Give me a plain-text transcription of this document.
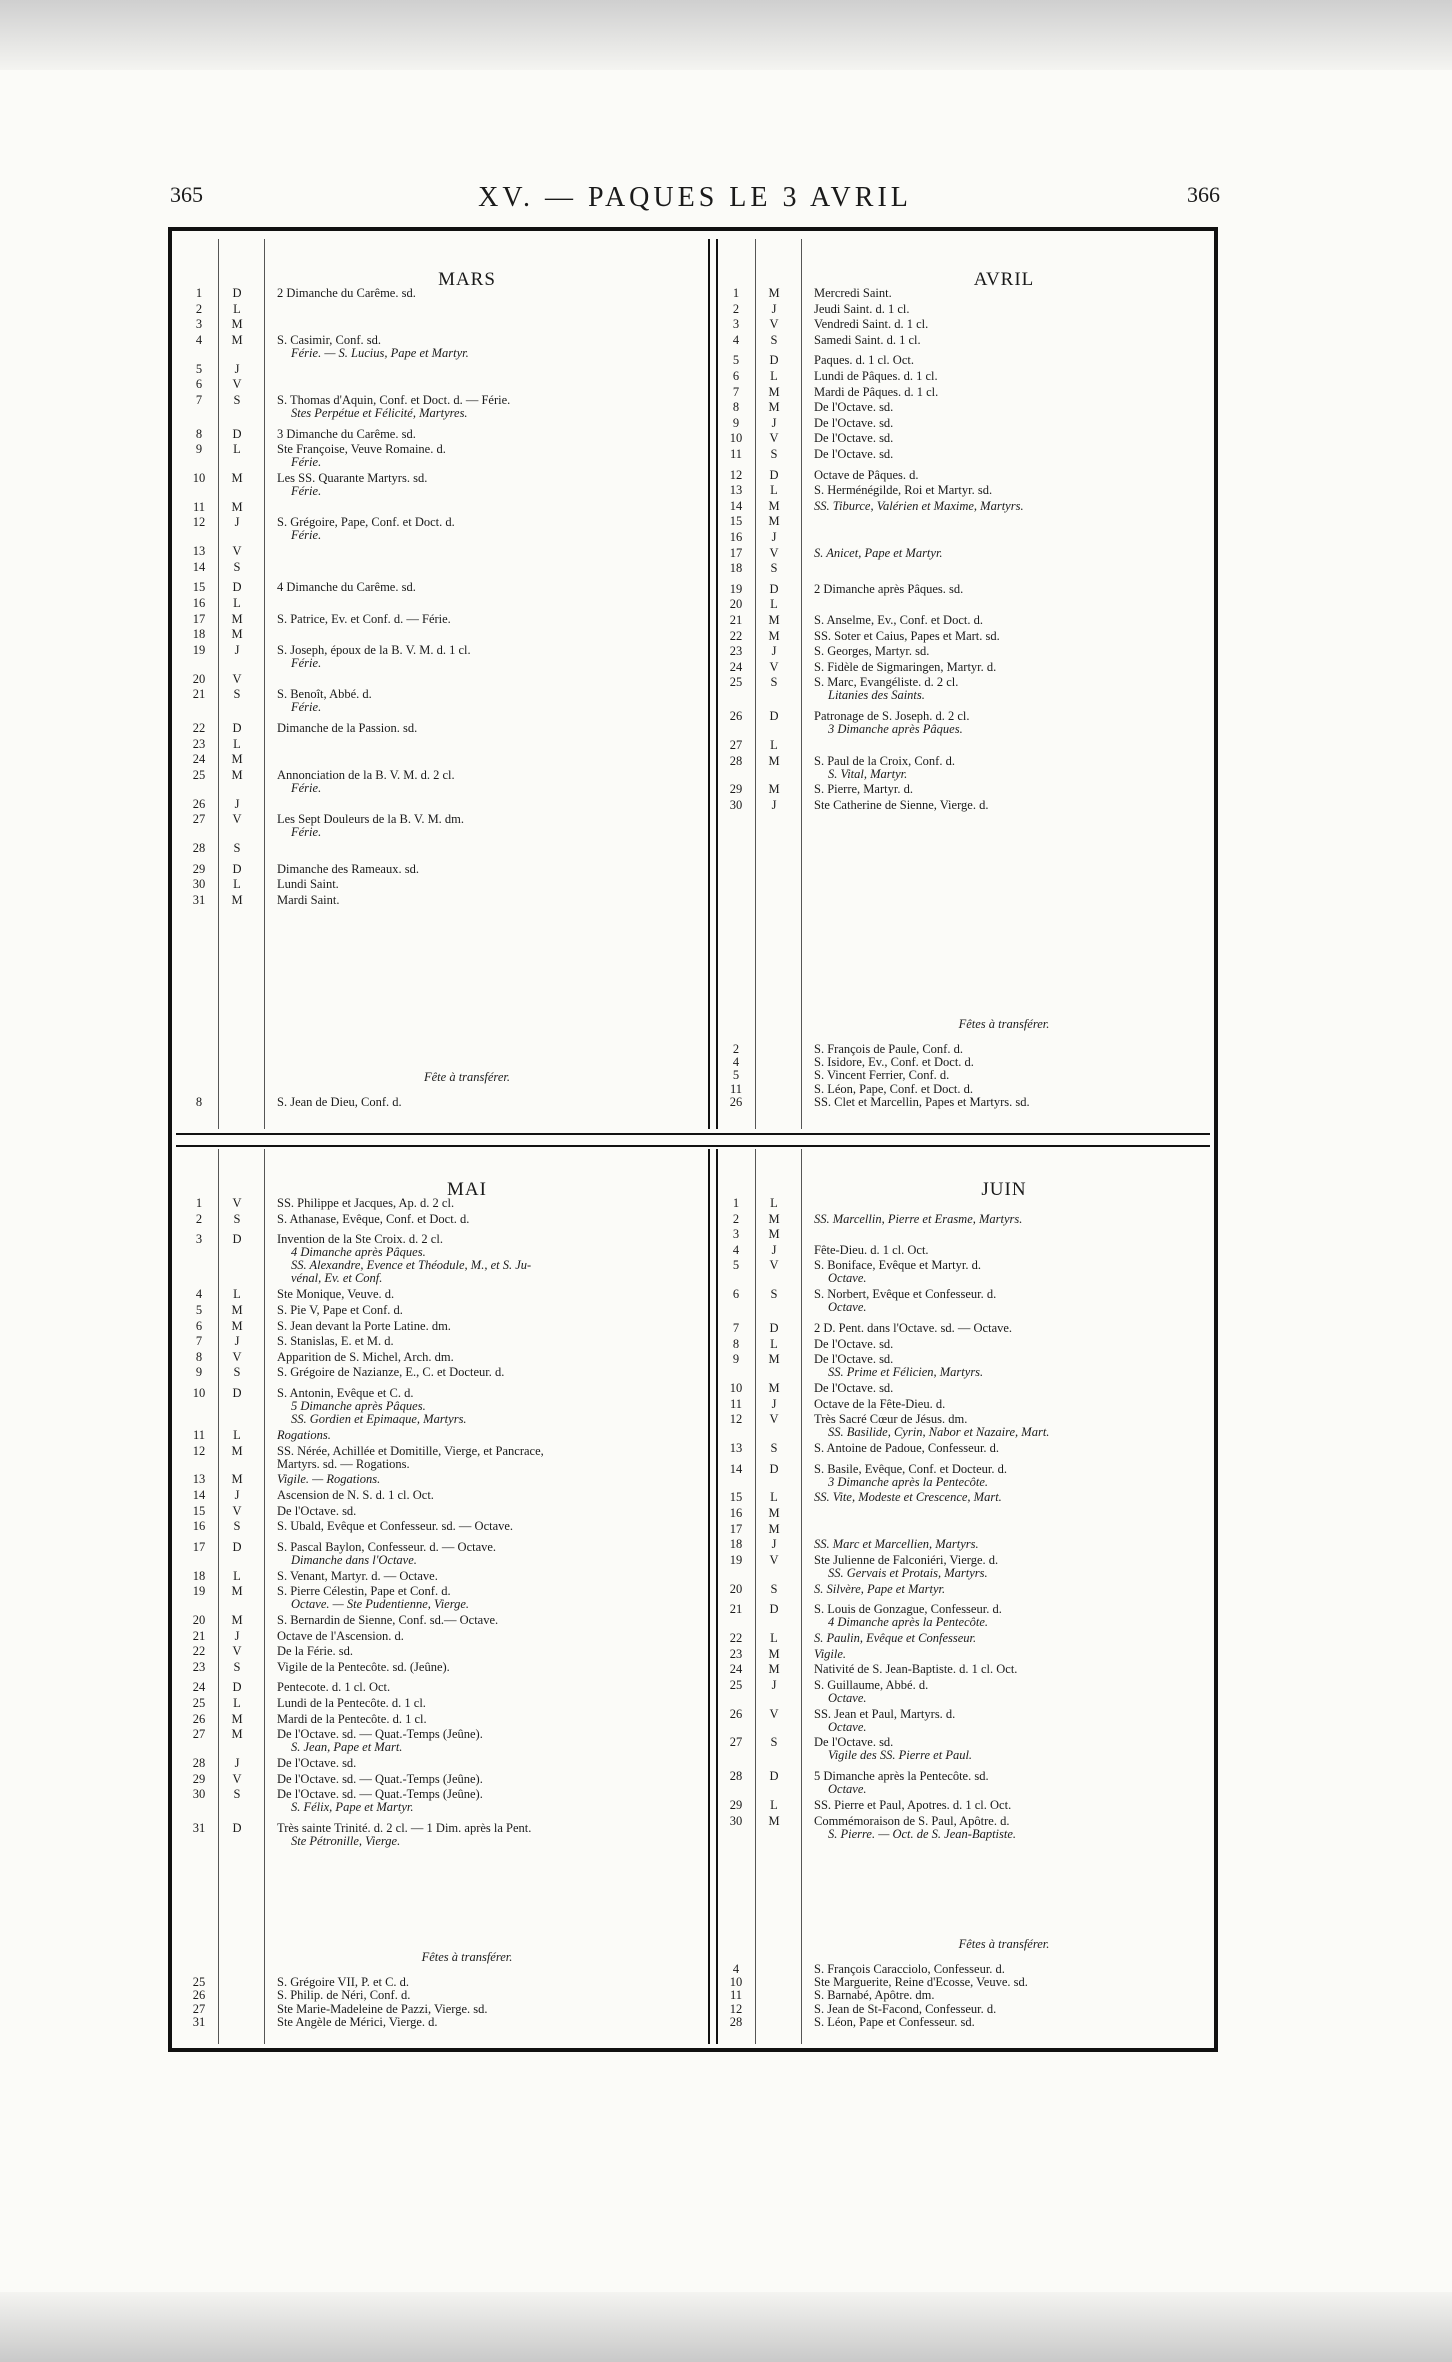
365	XV. — PAQUES LE 3 AVRIL	366
MARS
1	D	2 Dimanche du Carême. sd.
2	L
3	M
4	M	S. Casimir, Conf. sd.
Férie. — S. Lucius, Pape et Martyr.
5	J
6	V
7	S	S. Thomas d'Aquin, Conf. et Doct. d. — Férie.
Stes Perpétue et Félicité, Martyres.
8	D	3 Dimanche du Carême. sd.
9	L	Ste Françoise, Veuve Romaine. d.
Férie.
10	M	Les SS. Quarante Martyrs. sd.
Férie.
11	M
12	J	S. Grégoire, Pape, Conf. et Doct. d.
Férie.
13	V
14	S
15	D	4 Dimanche du Carême. sd.
16	L
17	M	S. Patrice, Ev. et Conf. d. — Férie.
18	M
19	J	S. Joseph, époux de la B. V. M. d. 1 cl.
Férie.
20	V
21	S	S. Benoît, Abbé. d.
Férie.
22	D	Dimanche de la Passion. sd.
23	L
24	M
25	M	Annonciation de la B. V. M. d. 2 cl.
Férie.
26	J
27	V	Les Sept Douleurs de la B. V. M. dm.
Férie.
28	S
29	D	Dimanche des Rameaux. sd.
30	L	Lundi Saint.
31	M	Mardi Saint.
Fête à transférer.
8	S. Jean de Dieu, Conf. d.
AVRIL
1	M	Mercredi Saint.
2	J	Jeudi Saint. d. 1 cl.
3	V	Vendredi Saint. d. 1 cl.
4	S	Samedi Saint. d. 1 cl.
5	D	Paques. d. 1 cl. Oct.
6	L	Lundi de Pâques. d. 1 cl.
7	M	Mardi de Pâques. d. 1 cl.
8	M	De l'Octave. sd.
9	J	De l'Octave. sd.
10	V	De l'Octave. sd.
11	S	De l'Octave. sd.
12	D	Octave de Pâques. d.
13	L	S. Herménégilde, Roi et Martyr. sd.
14	M	SS. Tiburce, Valérien et Maxime, Martyrs.
15	M
16	J
17	V	S. Anicet, Pape et Martyr.
18	S
19	D	2 Dimanche après Pâques. sd.
20	L
21	M	S. Anselme, Ev., Conf. et Doct. d.
22	M	SS. Soter et Caius, Papes et Mart. sd.
23	J	S. Georges, Martyr. sd.
24	V	S. Fidèle de Sigmaringen, Martyr. d.
25	S	S. Marc, Evangéliste. d. 2 cl.
Litanies des Saints.
26	D	Patronage de S. Joseph. d. 2 cl.
3 Dimanche après Pâques.
27	L
28	M	S. Paul de la Croix, Conf. d.
S. Vital, Martyr.
29	M	S. Pierre, Martyr. d.
30	J	Ste Catherine de Sienne, Vierge. d.
Fêtes à transférer.
2	S. François de Paule, Conf. d.
4	S. Isidore, Ev., Conf. et Doct. d.
5	S. Vincent Ferrier, Conf. d.
11	S. Léon, Pape, Conf. et Doct. d.
26	SS. Clet et Marcellin, Papes et Martyrs. sd.
MAI
1	V	SS. Philippe et Jacques, Ap. d. 2 cl.
2	S	S. Athanase, Evêque, Conf. et Doct. d.
3	D	Invention de la Ste Croix. d. 2 cl.
4 Dimanche après Pâques.
SS. Alexandre, Evence et Théodule, M., et S. Ju-
vénal, Ev. et Conf.
4	L	Ste Monique, Veuve. d.
5	M	S. Pie V, Pape et Conf. d.
6	M	S. Jean devant la Porte Latine. dm.
7	J	S. Stanislas, E. et M. d.
8	V	Apparition de S. Michel, Arch. dm.
9	S	S. Grégoire de Nazianze, E., C. et Docteur. d.
10	D	S. Antonin, Evêque et C. d.
5 Dimanche après Pâques.
SS. Gordien et Epimaque, Martyrs.
11	L	Rogations.
12	M	SS. Nérée, Achillée et Domitille, Vierge, et Pancrace,
Martyrs. sd. — Rogations.
13	M	Vigile. — Rogations.
14	J	Ascension de N. S. d. 1 cl. Oct.
15	V	De l'Octave. sd.
16	S	S. Ubald, Evêque et Confesseur. sd. — Octave.
17	D	S. Pascal Baylon, Confesseur. d. — Octave.
Dimanche dans l'Octave.
18	L	S. Venant, Martyr. d. — Octave.
19	M	S. Pierre Célestin, Pape et Conf. d.
Octave. — Ste Pudentienne, Vierge.
20	M	S. Bernardin de Sienne, Conf. sd.— Octave.
21	J	Octave de l'Ascension. d.
22	V	De la Férie. sd.
23	S	Vigile de la Pentecôte. sd. (Jeûne).
24	D	Pentecote. d. 1 cl. Oct.
25	L	Lundi de la Pentecôte. d. 1 cl.
26	M	Mardi de la Pentecôte. d. 1 cl.
27	M	De l'Octave. sd. — Quat.-Temps (Jeûne).
S. Jean, Pape et Mart.
28	J	De l'Octave. sd.
29	V	De l'Octave. sd. — Quat.-Temps (Jeûne).
30	S	De l'Octave. sd. — Quat.-Temps (Jeûne).
S. Félix, Pape et Martyr.
31	D	Très sainte Trinité. d. 2 cl. — 1 Dim. après la Pent.
Ste Pétronille, Vierge.
Fêtes à transférer.
25	S. Grégoire VII, P. et C. d.
26	S. Philip. de Néri, Conf. d.
27	Ste Marie-Madeleine de Pazzi, Vierge. sd.
31	Ste Angèle de Mérici, Vierge. d.
JUIN
1	L
2	M	SS. Marcellin, Pierre et Erasme, Martyrs.
3	M
4	J	Fête-Dieu. d. 1 cl. Oct.
5	V	S. Boniface, Evêque et Martyr. d.
Octave.
6	S	S. Norbert, Evêque et Confesseur. d.
Octave.
7	D	2 D. Pent. dans l'Octave. sd. — Octave.
8	L	De l'Octave. sd.
9	M	De l'Octave. sd.
SS. Prime et Félicien, Martyrs.
10	M	De l'Octave. sd.
11	J	Octave de la Fête-Dieu. d.
12	V	Très Sacré Cœur de Jésus. dm.
SS. Basilide, Cyrin, Nabor et Nazaire, Mart.
13	S	S. Antoine de Padoue, Confesseur. d.
14	D	S. Basile, Evêque, Conf. et Docteur. d.
3 Dimanche après la Pentecôte.
15	L	SS. Vite, Modeste et Crescence, Mart.
16	M
17	M
18	J	SS. Marc et Marcellien, Martyrs.
19	V	Ste Julienne de Falconiéri, Vierge. d.
SS. Gervais et Protais, Martyrs.
20	S	S. Silvère, Pape et Martyr.
21	D	S. Louis de Gonzague, Confesseur. d.
4 Dimanche après la Pentecôte.
22	L	S. Paulin, Evêque et Confesseur.
23	M	Vigile.
24	M	Nativité de S. Jean-Baptiste. d. 1 cl. Oct.
25	J	S. Guillaume, Abbé. d.
Octave.
26	V	SS. Jean et Paul, Martyrs. d.
Octave.
27	S	De l'Octave. sd.
Vigile des SS. Pierre et Paul.
28	D	5 Dimanche après la Pentecôte. sd.
Octave.
29	L	SS. Pierre et Paul, Apotres. d. 1 cl. Oct.
30	M	Commémoraison de S. Paul, Apôtre. d.
S. Pierre. — Oct. de S. Jean-Baptiste.
Fêtes à transférer.
4	S. François Caracciolo, Confesseur. d.
10	Ste Marguerite, Reine d'Ecosse, Veuve. sd.
11	S. Barnabé, Apôtre. dm.
12	S. Jean de St-Facond, Confesseur. d.
28	S. Léon, Pape et Confesseur. sd.
